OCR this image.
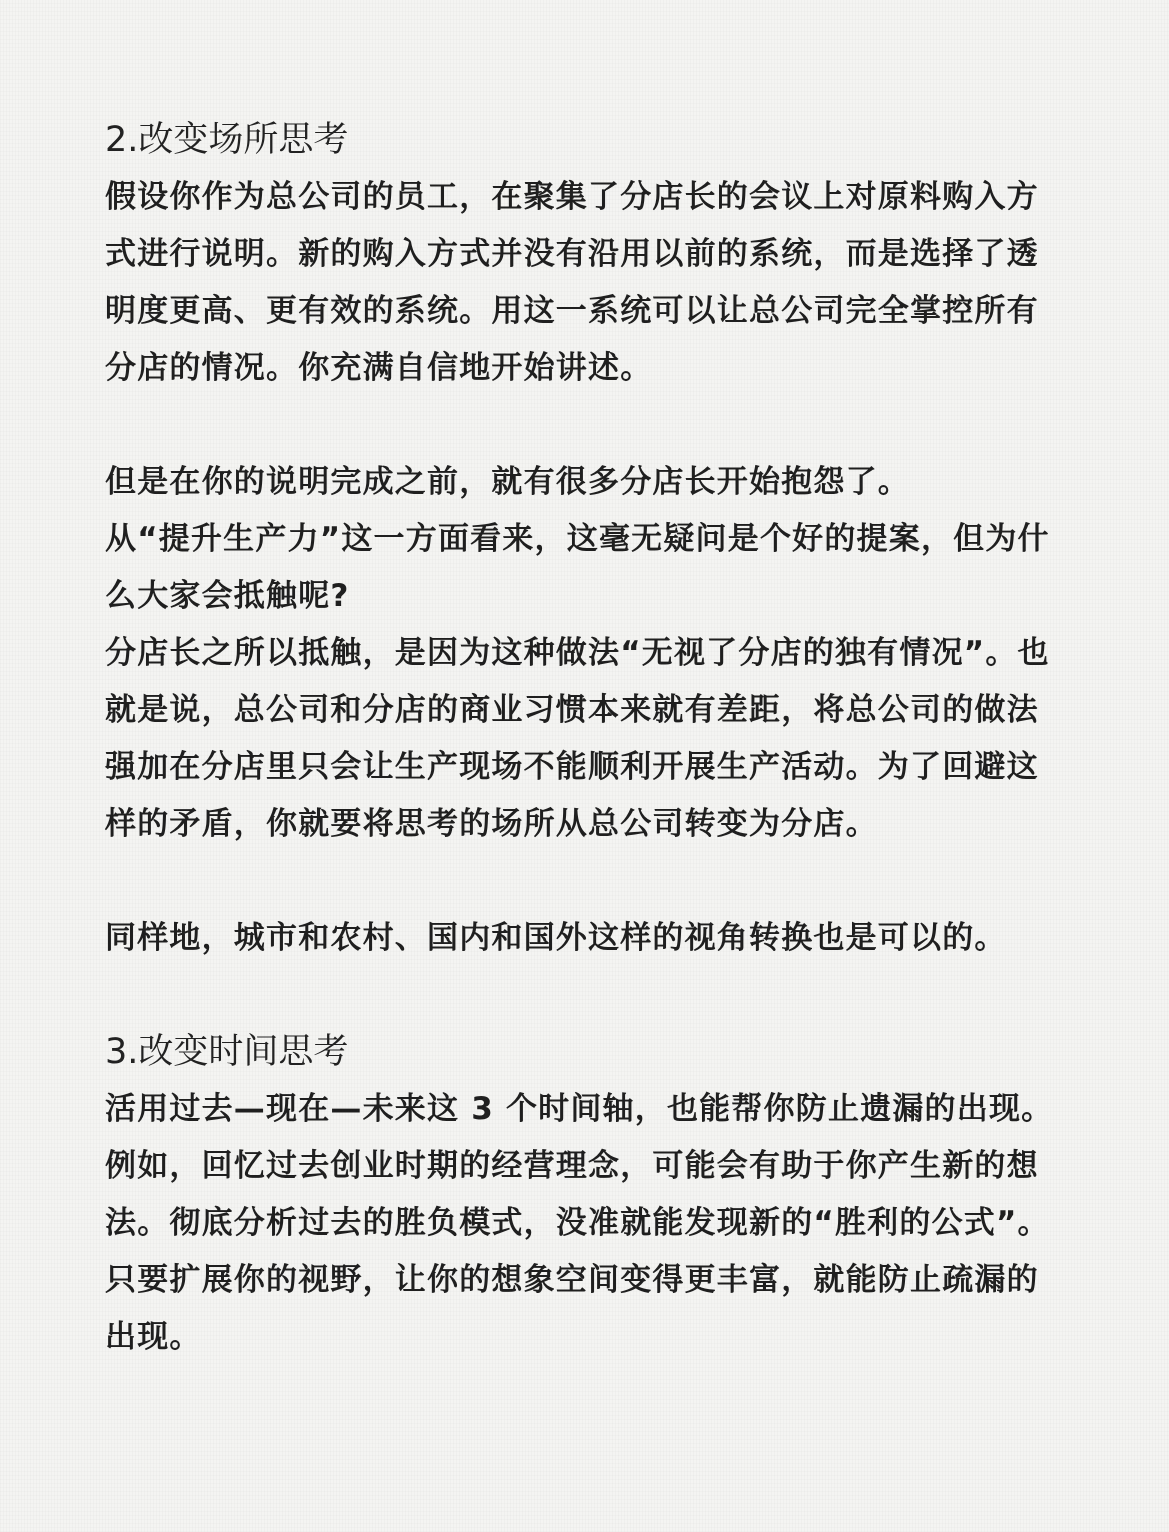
2.改变场所思考

假设你作为总公司的员工，在聚集了分店长的会议上对原料购入方式进行说明。新的购入方式并没有沿用以前的系统，而是选择了透明度更高、更有效的系统。用这一系统可以让总公司完全掌控所有分店的情况。你充满自信地开始讲述。

但是在你的说明完成之前，就有很多分店长开始抱怨了。

从“提升生产力”这一方面看来，这毫无疑问是个好的提案，但为什么大家会抵触呢?

分店长之所以抵触，是因为这种做法“无视了分店的独有情况”。也就是说，总公司和分店的商业习惯本来就有差距，将总公司的做法强加在分店里只会让生产现场不能顺利开展生产活动。为了回避这样的矛盾，你就要将思考的场所从总公司转变为分店。

同样地，城市和农村、国内和国外这样的视角转换也是可以的。

3.改变时间思考

活用过去—现在—未来这 3 个时间轴，也能帮你防止遗漏的出现。

例如，回忆过去创业时期的经营理念，可能会有助于你产生新的想法。彻底分析过去的胜负模式，没准就能发现新的“胜利的公式”。

只要扩展你的视野，让你的想象空间变得更丰富，就能防止疏漏的出现。
